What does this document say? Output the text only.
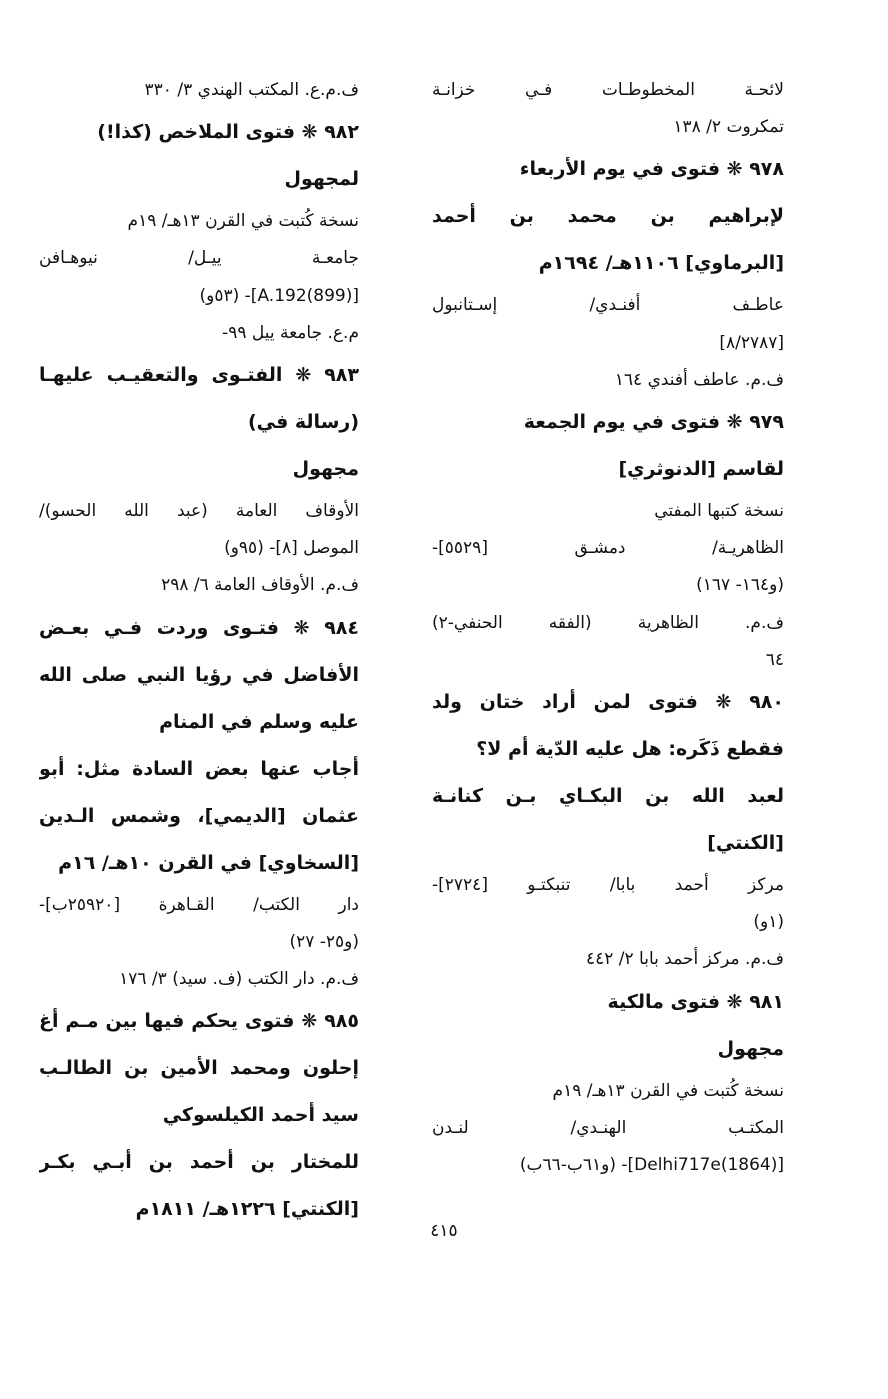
لائحـة المخطوطـات فـي خزانـة
تمكروت ٢/ ١٣٨
٩٧٨ ❋ فتوى في يوم الأربعاء
لإبراهيم بن محمد بن أحمد
[البرماوي] ١١٠٦هـ/ ١٦٩٤م
عاطـف أفنـدي/ إسـتانبول
[٨/٢٧٨٧]
ف.م. عاطف أفندي ١٦٤
٩٧٩ ❋ فتوى في يوم الجمعة
لقاسم [الدنوثري]
نسخة كتبها المفتي
الظاهريـة/ دمشـق [٥٥٢٩]-
(و١٦٤- ١٦٧)
ف.م. الظاهرية (الفقه الحنفي-٢)
٦٤
٩٨٠ ❋ فتوى لمن أراد ختان ولد
فقطع ذَكَره: هل عليه الدّية أم لا؟
لعبد الله بن البكـاي بـن كنانـة
[الكنتي]
مركز أحمد بابا/ تنبكتـو [٢٧٢٤]-
(١و)
ف.م. مركز أحمد بابا ٢/ ٤٤٢
٩٨١ ❋ فتوى مالكية
مجهول
نسخة كُتبت في القرن ١٣هـ/ ١٩م
المكتـب الهنـدي/ لنـدن
[Delhi717e(1864)]- (و٦١ب-٦٦ب)
ف.م.ع. المكتب الهندي ٣/ ٣٣٠
٩٨٢ ❋ فتوى الملاخص (كذا!)
لمجهول
نسخة كُتبت في القرن ١٣هـ/ ١٩م
جامعـة ييـل/ نيوهـافن
[A.192(899)]- (٥٣و)
م.ع. جامعة ييل ٩٩-
٩٨٣ ❋ الفتـوى والتعقيـب عليهـا
(رسالة في)
مجهول
الأوقاف العامة (عبد الله الحسو)/
الموصل [٨]- (٩٥و)
ف.م. الأوقاف العامة ٦/ ٢٩٨
٩٨٤ ❋ فتـوى وردت فـي بعـض
الأفاضل في رؤيا النبي صلى الله
عليه وسلم في المنام
أجاب عنها بعض السادة مثل: أبو
عثمان [الديمي]، وشمس الـدين
[السخاوي] في القرن ١٠هـ/ ١٦م
دار الكتب/ القـاهرة [٢٥٩٢٠ب]-
(و٢٥- ٢٧)
ف.م. دار الكتب (ف. سيد) ٣/ ١٧٦
٩٨٥ ❋ فتوى يحكم فيها بين مـم أغ
إحلون ومحمد الأمين بن الطالـب
سيد أحمد الكيلسوكي
للمختار بن أحمد بن أبـي بكـر
[الكنتي] ١٢٢٦هـ/ ١٨١١م
٤١٥
